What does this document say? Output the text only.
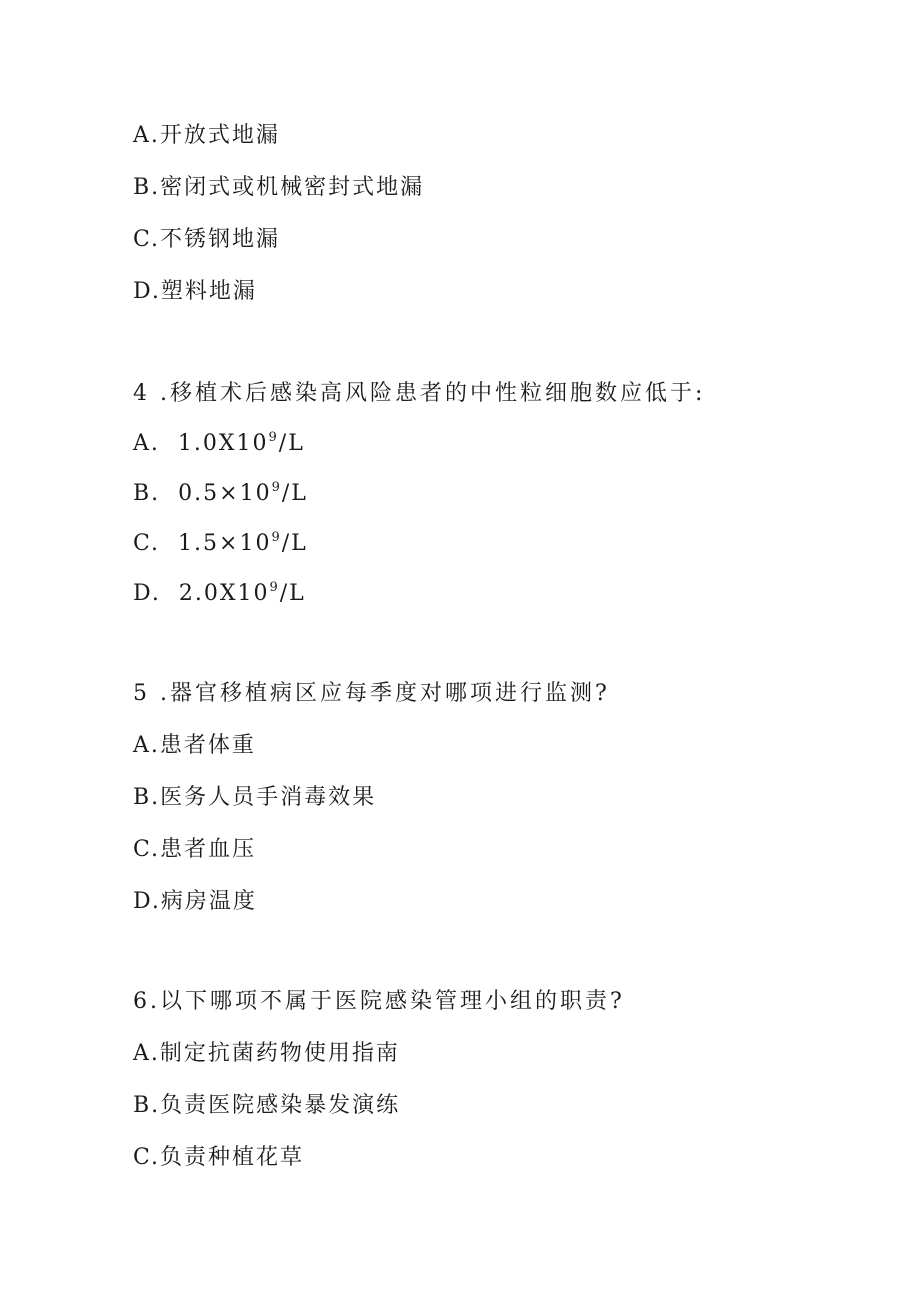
A.开放式地漏
B.密闭式或机械密封式地漏
C.不锈钢地漏
D.塑料地漏
4 .移植术后感染高风险患者的中性粒细胞数应低于:
A.  $1.0X10^9/L$
B.  $0.5\times 10^9/L$
C.  $1.5\times 10^9/L$
D.  $2.0X10^9/L$
5 .器官移植病区应每季度对哪项进行监测?
A.患者体重
B.医务人员手消毒效果
C.患者血压
D.病房温度
6.以下哪项不属于医院感染管理小组的职责?
A.制定抗菌药物使用指南
B.负责医院感染暴发演练
C.负责种植花草
